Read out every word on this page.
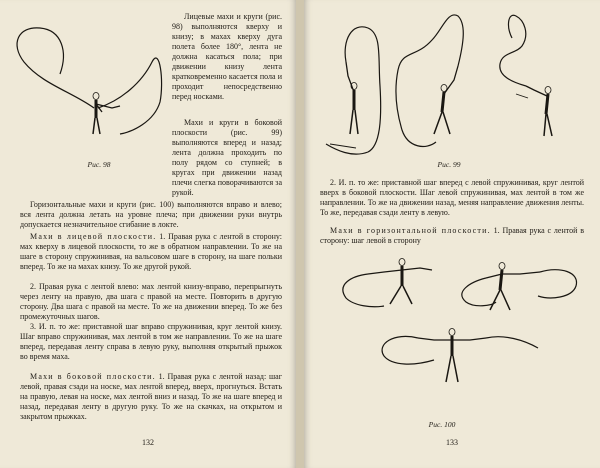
Рис. 98

Лицевые махи и круги (рис. 98) выполняются кверху и книзу; в махах кверху дуга полета более 180°, лента не должна касаться пола; при движении книзу лента кратковременно касается пола и проходит непосредственно перед носками.

Махи и круги в боковой плоскости (рис. 99) выполняются вперед и назад; лента должна проходить по полу рядом со ступней; в кругах при движении назад плечи слегка поворачиваются за рукой.

Горизонтальные махи и круги (рис. 100) выполняются вправо и влево; вся лента должна летать на уровне плеча; при движении руки внутрь допускается незначительное сгибание в локте.

Махи в лицевой плоскости. 1. Правая рука с лентой в сторону: мах кверху в лицевой плоскости, то же в обратном направлении. То же на шаге в сторону спружинивая, на вальсовом шаге в сторону, на шаге польки вперед. То же на махах книзу. То же другой рукой.

2. Правая рука с лентой влево: мах лентой книзу-вправо, перепрыгнуть через ленту на правую, два шага с правой на месте. Повторить в другую сторону. Два шага с правой на месте. То же на движении вперед. То же без промежуточных шагов.

3. И. п. то же: приставной шаг вправо спружинивая, круг лентой книзу. Шаг вправо спружинивая, мах лентой в том же направлении. То же на шаге вперед, передавая ленту справа в левую руку, выполняя открытый прыжок во время маха.

Махи в боковой плоскости. 1. Правая рука с лентой назад: шаг левой, правая сзади на носке, мах лентой вперед, вверх, прогнуться. Встать на правую, левая на носке, мах лентой вниз и назад. То же на шаге вперед и назад, передавая ленту в другую руку. То же на скачках, на открытом и закрытом прыжках.

132
Рис. 99

2. И. п. то же: приставной шаг вперед с левой спружинивая, круг лентой вверх в боковой плоскости. Шаг левой спружинивая, мах лентой в том же направлении. То же на движении назад, меняя направление движения ленты. То же, передавая сзади ленту в левую.

Махи в горизонтальной плоскости. 1. Правая рука с лентой в сторону: шаг левой в сторону

Рис. 100
133
